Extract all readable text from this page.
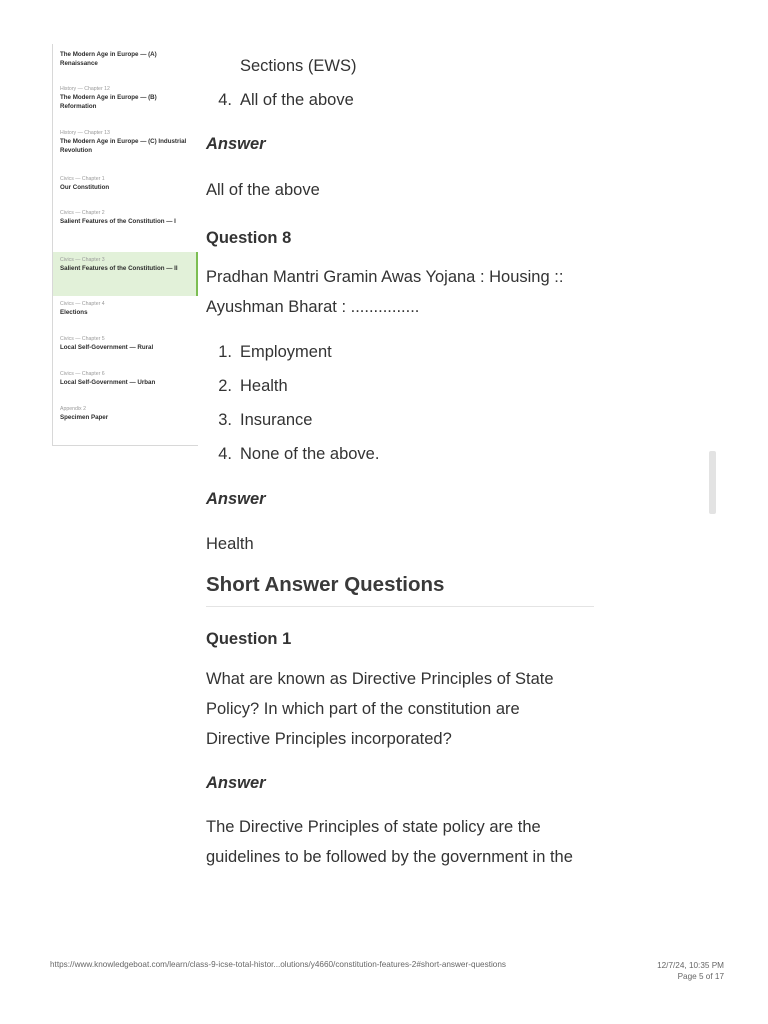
The Modern Age in Europe — (A) Renaissance
History — Chapter 12
The Modern Age in Europe — (B) Reformation
History — Chapter 13
The Modern Age in Europe — (C) Industrial Revolution
Civics — Chapter 1
Our Constitution
Civics — Chapter 2
Salient Features of the Constitution — I
Civics — Chapter 3
Salient Features of the Constitution — II
Civics — Chapter 4
Elections
Civics — Chapter 5
Local Self-Government — Rural
Civics — Chapter 6
Local Self-Government — Urban
Appendix 2
Specimen Paper
Sections (EWS)
4. All of the above
Answer
All of the above
Question 8
Pradhan Mantri Gramin Awas Yojana : Housing ::
Ayushman Bharat : ...............
1. Employment
2. Health
3. Insurance
4. None of the above.
Answer
Health
Short Answer Questions
Question 1
What are known as Directive Principles of State
Policy? In which part of the constitution are
Directive Principles incorporated?
Answer
The Directive Principles of state policy are the
guidelines to be followed by the government in the
https://www.knowledgeboat.com/learn/class-9-icse-total-histor...olutions/y4660/constitution-features-2#short-answer-questions	12/7/24, 10:35 PM
Page 5 of 17
